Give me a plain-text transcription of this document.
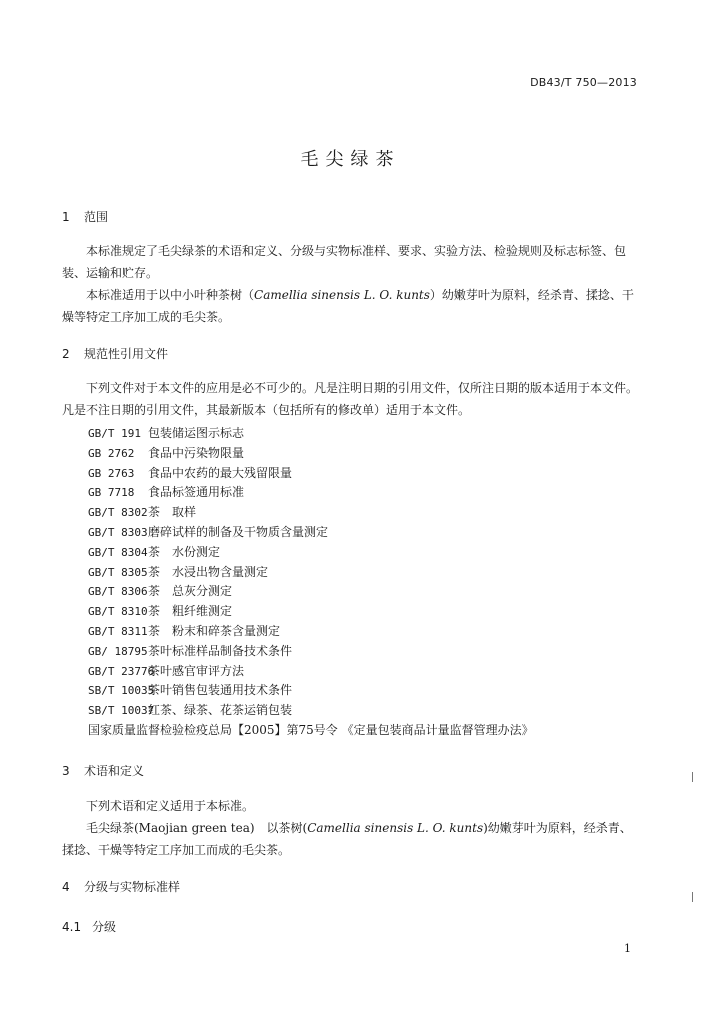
DB43/T 750—2013
毛尖绿茶
1 范围
本标准规定了毛尖绿茶的术语和定义、分级与实物标准样、要求、实验方法、检验规则及标志标签、包装、运输和贮存。
本标准适用于以中小叶种茶树（Camellia sinensis L. O. kunts）幼嫩芽叶为原料，经杀青、揉捻、干燥等特定工序加工成的毛尖茶。
2 规范性引用文件
下列文件对于本文件的应用是必不可少的。凡是注明日期的引用文件，仅所注日期的版本适用于本文件。凡是不注日期的引用文件，其最新版本（包括所有的修改单）适用于本文件。
GB/T 191 包装储运图示标志
GB 2762 食品中污染物限量
GB 2763 食品中农药的最大残留限量
GB 7718 食品标签通用标准
GB/T 8302茶　取样
GB/T 8303磨碎试样的制备及干物质含量测定
GB/T 8304茶　水份测定
GB/T 8305茶　水浸出物含量测定
GB/T 8306茶　总灰分测定
GB/T 8310茶　粗纤维测定
GB/T 8311茶　粉末和碎茶含量测定
GB/ 18795茶叶标准样品制备技术条件
GB/T 23776茶叶感官审评方法
SB/T 10035茶叶销售包装通用技术条件
SB/T 10037红茶、绿茶、花茶运销包装
国家质量监督检验检疫总局【2005】第75号令 《定量包装商品计量监督管理办法》
3 术语和定义
下列术语和定义适用于本标准。
毛尖绿茶(Maojian green tea)　以茶树(Camellia sinensis L. O. kunts)幼嫩芽叶为原料，经杀青、揉捻、干燥等特定工序加工而成的毛尖茶。
4 分级与实物标准样
4.1 分级
1
